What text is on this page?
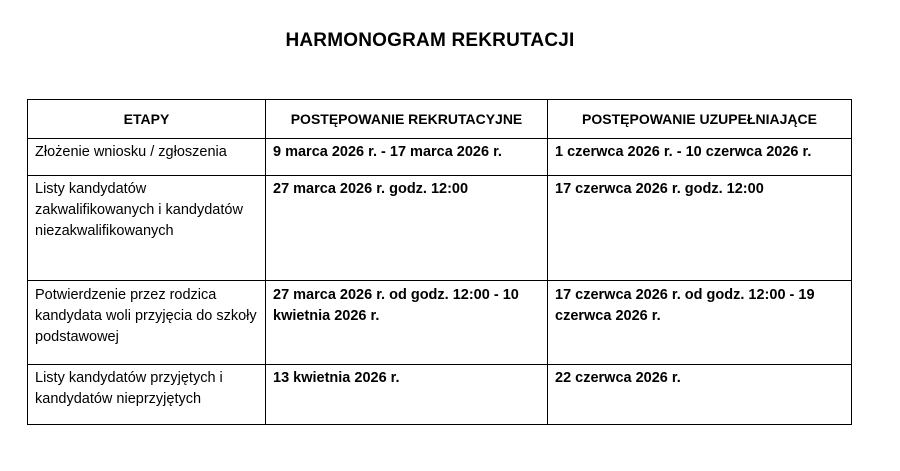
HARMONOGRAM REKRUTACJI
ETAPY	POSTĘPOWANIE REKRUTACYJNE	POSTĘPOWANIE UZUPEŁNIAJĄCE
Złożenie wniosku / zgłoszenia	9 marca 2026 r. - 17 marca 2026 r.	1 czerwca 2026 r. - 10 czerwca 2026 r.
Listy kandydatów zakwalifikowanych i kandydatów niezakwalifikowanych	27 marca 2026 r. godz. 12:00	17 czerwca 2026 r. godz. 12:00
Potwierdzenie przez rodzica kandydata woli przyjęcia do szkoły podstawowej	27 marca 2026 r. od godz. 12:00 - 10 kwietnia 2026 r.	17 czerwca 2026 r. od godz. 12:00 - 19 czerwca 2026 r.
Listy kandydatów przyjętych i kandydatów nieprzyjętych	13 kwietnia 2026 r.	22 czerwca 2026 r.
